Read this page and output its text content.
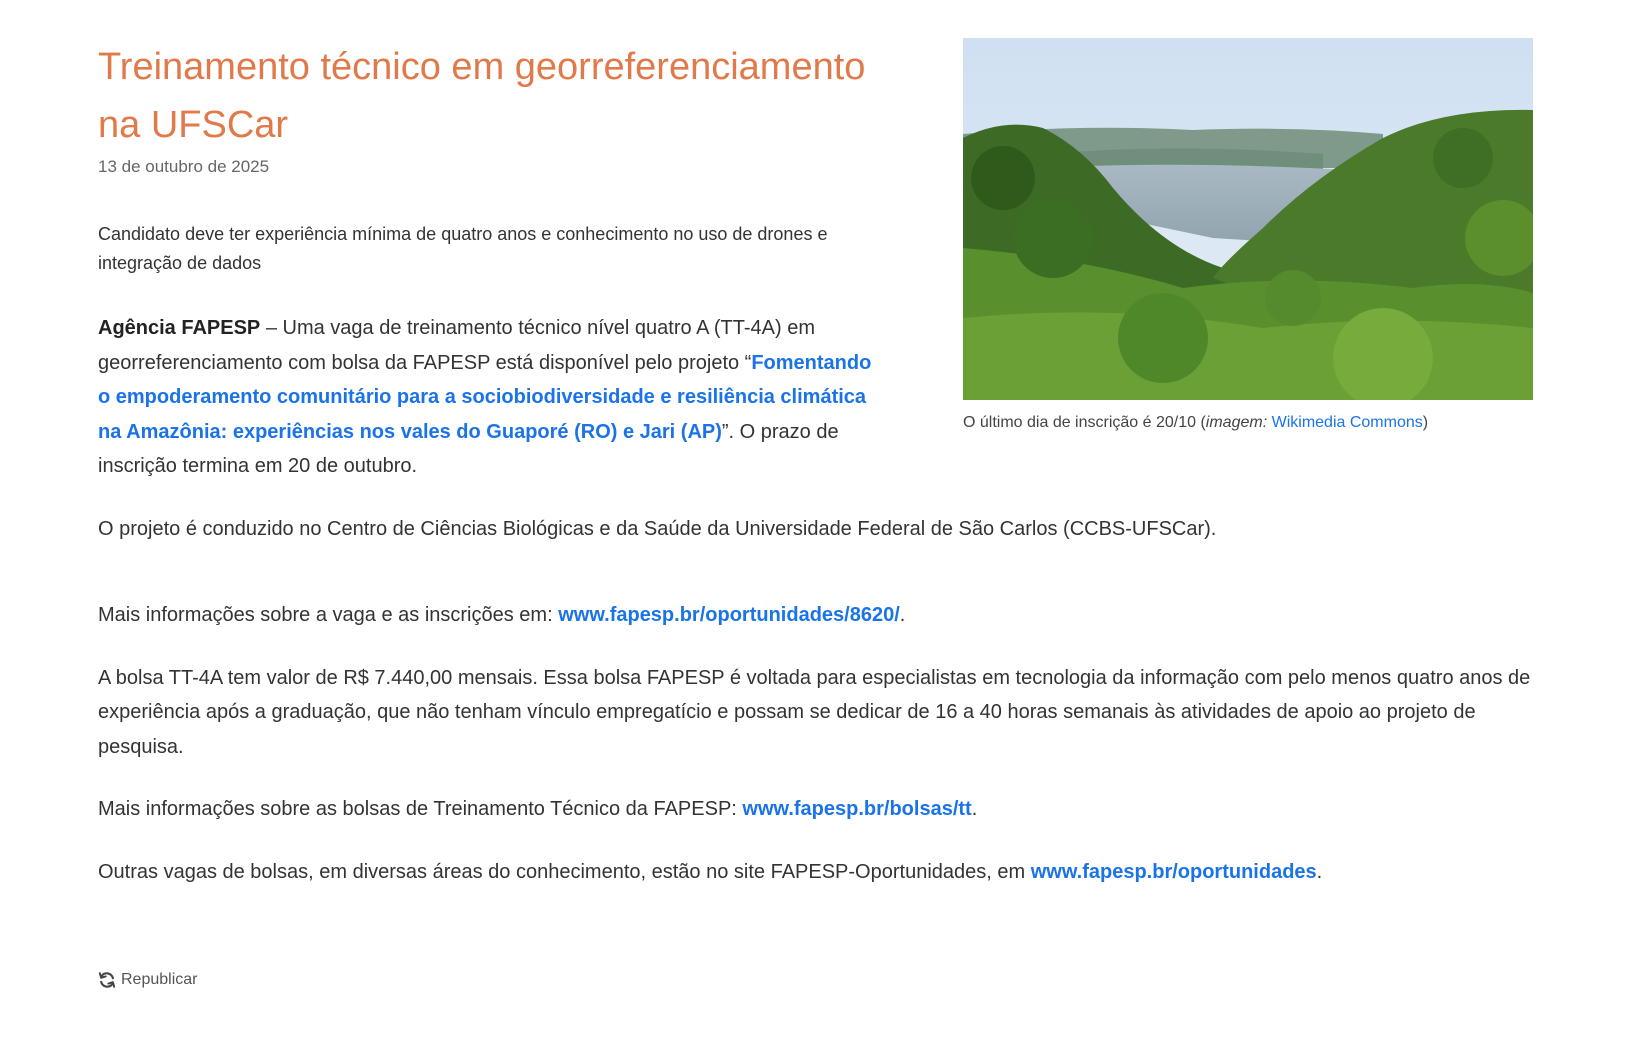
Treinamento técnico em georreferenciamento na UFSCar

13 de outubro de 2025

Candidato deve ter experiência mínima de quatro anos e conhecimento no uso de drones e integração de dados

Agência FAPESP – Uma vaga de treinamento técnico nível quatro A (TT-4A) em georreferenciamento com bolsa da FAPESP está disponível pelo projeto “Fomentando o empoderamento comunitário para a sociobiodiversidade e resiliência climática na Amazônia: experiências nos vales do Guaporé (RO) e Jari (AP)”. O prazo de inscrição termina em 20 de outubro.

O último dia de inscrição é 20/10 (imagem: Wikimedia Commons)

O projeto é conduzido no Centro de Ciências Biológicas e da Saúde da Universidade Federal de São Carlos (CCBS-UFSCar).

Mais informações sobre a vaga e as inscrições em: www.fapesp.br/oportunidades/8620/.

A bolsa TT-4A tem valor de R$ 7.440,00 mensais. Essa bolsa FAPESP é voltada para especialistas em tecnologia da informação com pelo menos quatro anos de experiência após a graduação, que não tenham vínculo empregatício e possam se dedicar de 16 a 40 horas semanais às atividades de apoio ao projeto de pesquisa.

Mais informações sobre as bolsas de Treinamento Técnico da FAPESP: www.fapesp.br/bolsas/tt.

Outras vagas de bolsas, em diversas áreas do conhecimento, estão no site FAPESP-Oportunidades, em www.fapesp.br/oportunidades.

Republicar
